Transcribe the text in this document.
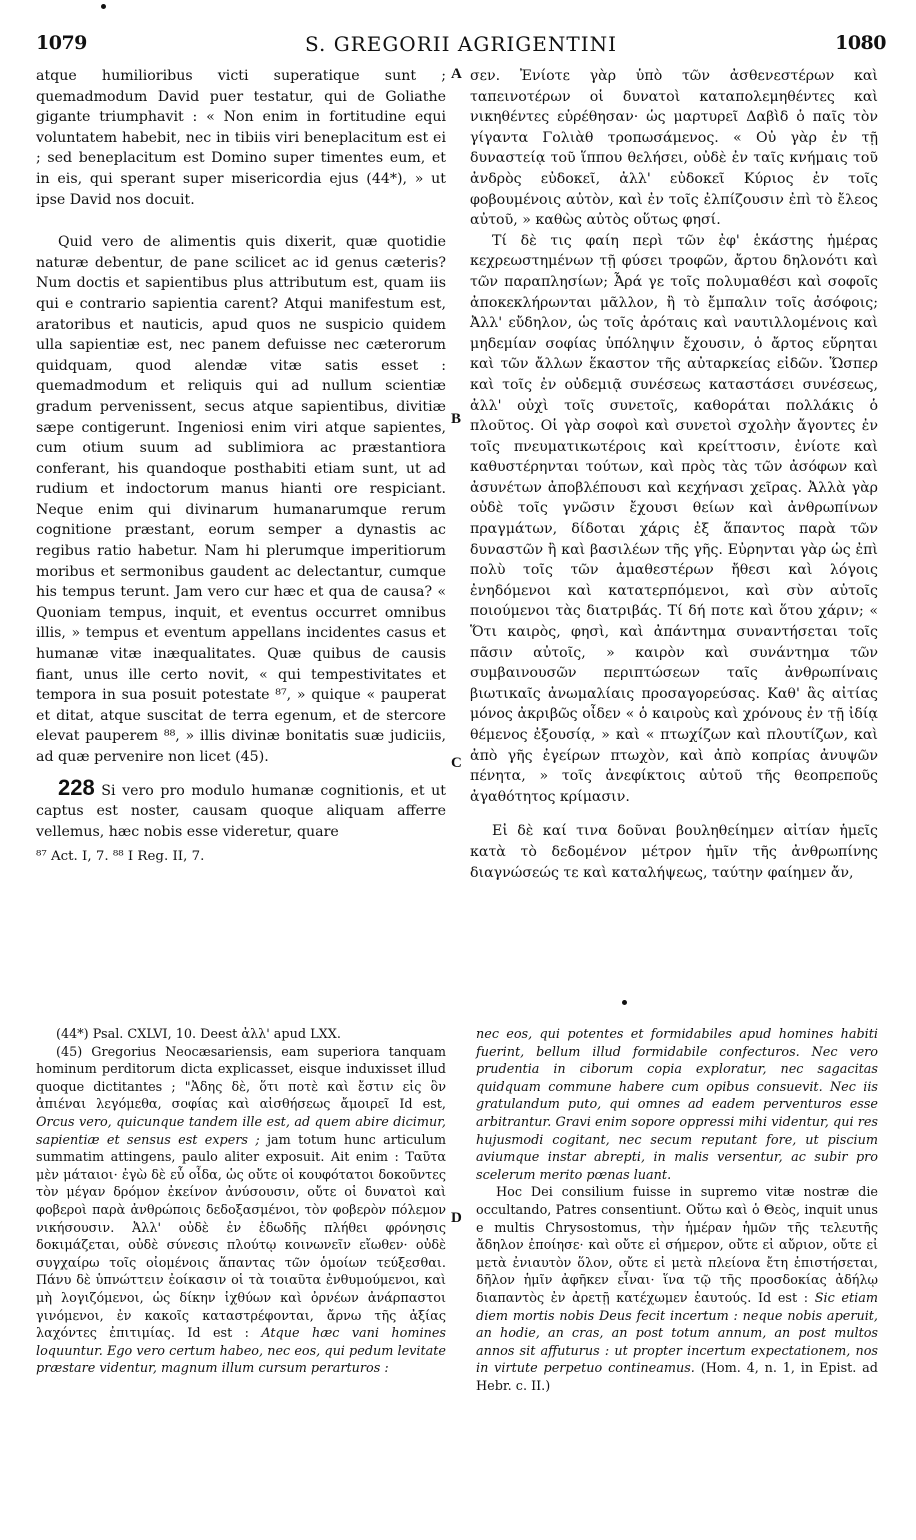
1079	S. GREGORII AGRIGENTINI	1080

atque humilioribus victi superatique sunt ; quemadmodum David puer testatur, qui de Goliathe gigante triumphavit : « Non enim in fortitudine equi voluntatem habebit, nec in tibiis viri beneplacitum est ei ; sed beneplacitum est Domino super timentes eum, et in eis, qui sperant super misericordia ejus (44*), » ut ipse David nos docuit.

Quid vero de alimentis quis dixerit, quæ quotidie naturæ debentur, de pane scilicet ac id genus cæteris? Num doctis et sapientibus plus attributum est, quam iis qui e contrario sapientia carent? Atqui manifestum est, aratoribus et nauticis, apud quos ne suspicio quidem ulla sapientiæ est, nec panem defuisse nec cæterorum quidquam, quod alendæ vitæ satis esset : quemadmodum et reliquis qui ad nullum scientiæ gradum pervenissent, secus atque sapientibus, divitiæ sæpe contigerunt. Ingeniosi enim viri atque sapientes, cum otium suum ad sublimiora ac præstantiora conferant, his quandoque posthabiti etiam sunt, ut ad rudium et indoctorum manus hianti ore respiciant. Neque enim qui divinarum humanarumque rerum cognitione præstant, eorum semper a dynastis ac regibus ratio habetur. Nam hi plerumque imperitiorum moribus et sermonibus gaudent ac delectantur, cumque his tempus terunt. Jam vero cur hæc et qua de causa? « Quoniam tempus, inquit, et eventus occurret omnibus illis, » tempus et eventum appellans incidentes casus et humanæ vitæ inæqualitates. Quæ quibus de causis fiant, unus ille certo novit, « qui tempestivitates et tempora in sua posuit potestate ⁸⁷, » quique « pauperat et ditat, atque suscitat de terra egenum, et de stercore elevat pauperem ⁸⁸, » illis divinæ bonitatis suæ judiciis, ad quæ pervenire non licet (45).

228 Si vero pro modulo humanæ cognitionis, et ut captus est noster, causam quoque aliquam afferre vellemus, hæc nobis esse videretur, quare

⁸⁷ Act. I, 7. ⁸⁸ I Reg. II, 7.

σεν. Ἐνίοτε γὰρ ὑπὸ τῶν ἀσθενεστέρων καὶ ταπεινοτέρων οἱ δυνατοὶ καταπολεμηθέντες καὶ νικηθέντες εὑρέθησαν· ὡς μαρτυρεῖ Δαβὶδ ὁ παῖς τὸν γίγαντα Γολιὰθ τροπωσάμενος. « Οὐ γὰρ ἐν τῇ δυναστείᾳ τοῦ ἵππου θελήσει, οὐδὲ ἐν ταῖς κνήμαις τοῦ ἀνδρὸς εὐδοκεῖ, ἀλλ' εὐδοκεῖ Κύριος ἐν τοῖς φοβουμένοις αὐτὸν, καὶ ἐν τοῖς ἐλπίζουσιν ἐπὶ τὸ ἔλεος αὐτοῦ, » καθὼς αὐτὸς οὕτως φησί.

Τί δὲ τις φαίη περὶ τῶν ἐφ' ἑκάστης ἡμέρας κεχρεωστημένων τῇ φύσει τροφῶν, ἄρτου δηλονότι καὶ τῶν παραπλησίων; Ἆρά γε τοῖς πολυμαθέσι καὶ σοφοῖς ἀποκεκλήρωνται μᾶλλον, ἢ τὸ ἔμπαλιν τοῖς ἀσόφοις; Ἀλλ' εὔδηλον, ὡς τοῖς ἀρόταις καὶ ναυτιλλομένοις καὶ μηδεμίαν σοφίας ὑπόληψιν ἔχουσιν, ὁ ἄρτος εὕρηται καὶ τῶν ἄλλων ἕκαστον τῆς αὐταρκείας εἰδῶν. Ὥσπερ καὶ τοῖς ἐν οὐδεμιᾷ συνέσεως καταστάσει συνέσεως, ἀλλ' οὐχὶ τοῖς συνετοῖς, καθοράται πολλάκις ὁ πλοῦτος. Οἱ γὰρ σοφοὶ καὶ συνετοὶ σχολὴν ἄγοντες ἐν τοῖς πνευματικωτέροις καὶ κρείττοσιν, ἐνίοτε καὶ καθυστέρηνται τούτων, καὶ πρὸς τὰς τῶν ἀσόφων καὶ ἀσυνέτων ἀποβλέπουσι καὶ κεχήνασι χεῖρας. Ἀλλὰ γὰρ οὐδὲ τοῖς γνῶσιν ἔχουσι θείων καὶ ἀνθρωπίνων πραγμάτων, δίδοται χάρις ἐξ ἅπαντος παρὰ τῶν δυναστῶν ἢ καὶ βασιλέων τῆς γῆς. Εὐρηνται γὰρ ὡς ἐπὶ πολὺ τοῖς τῶν ἀμαθεστέρων ἤθεσι καὶ λόγοις ἐνηδόμενοι καὶ κατατερπόμενοι, καὶ σὺν αὐτοῖς ποιούμενοι τὰς διατριβάς. Τί δή ποτε καὶ ὅτου χάριν; « Ὅτι καιρὸς, φησὶ, καὶ ἀπάντημα συναντήσεται τοῖς πᾶσιν αὐτοῖς, » καιρὸν καὶ συνάντημα τῶν συμβαινουσῶν περιπτώσεων ταῖς ἀνθρωπίναις βιωτικαῖς ἀνωμαλίαις προσαγορεύσας. Καθ' ἃς αἰτίας μόνος ἀκριβῶς οἶδεν « ὁ καιροὺς καὶ χρόνους ἐν τῇ ἰδίᾳ θέμενος ἐξουσίᾳ, » καὶ « πτωχίζων καὶ πλουτίζων, καὶ ἀπὸ γῆς ἐγείρων πτωχὸν, καὶ ἀπὸ κοπρίας ἀνυψῶν πένητα, » τοῖς ἀνεφίκτοις αὐτοῦ τῆς θεοπρεποῦς ἀγαθότητος κρίμασιν.

Εἰ δὲ καί τινα δοῦναι βουληθείημεν αἰτίαν ἡμεῖς κατὰ τὸ δεδομένον μέτρον ἡμῖν τῆς ἀνθρωπίνης διαγνώσεώς τε καὶ καταλήψεως, ταύτην φαίημεν ἄν,

A
B
C
D

(44*) Psal. CXLVI, 10. Deest ἀλλ' apud LXX.

(45) Gregorius Neocæsariensis, eam superiora tanquam hominum perditorum dicta explicasset, eisque induxisset illud quoque dictitantes ; "Ἀδης δὲ, ὅτι ποτὲ καὶ ἔστιν εἰς ὃν ἀπιέναι λεγόμεθα, σοφίας καὶ αἰσθήσεως ἄμοιρεῖ Id est, Orcus vero, quicunque tandem ille est, ad quem abire dicimur, sapientiæ et sensus est expers ; jam totum hunc articulum summatim attingens, paulo aliter exposuit. Ait enim : Ταῦτα μὲν μάταιοι· ἐγὼ δὲ εὖ οἶδα, ὡς οὔτε οἱ κουφότατοι δοκοῦντες τὸν μέγαν δρόμον ἐκείνον ἀνύσουσιν, οὔτε οἱ δυνατοὶ καὶ φοβεροὶ παρὰ ἀνθρώποις δεδοξασμένοι, τὸν φοβερὸν πόλεμον νικήσουσιν. Ἀλλ' οὐδὲ ἐν ἐδωδῆς πλήθει φρόνησις δοκιμάζεται, οὐδὲ σύνεσις πλούτῳ κοινωνεῖν εἴωθεν· οὐδὲ συγχαίρω τοῖς οἰομένοις ἅπαντας τῶν ὁμοίων τεύξεσθαι. Πάνυ δὲ ὑπνώττειν ἐοίκασιν οἱ τὰ τοιαῦτα ἐνθυμούμενοι, καὶ μὴ λογιζόμενοι, ὡς δίκην ἰχθύων καὶ ὀρνέων ἀνάρπαστοι γινόμενοι, ἐν κακοῖς καταστρέφονται, ἄρνω τῆς ἀξίας λαχόντες ἐπιτιμίας. Id est : Atque hæc vani homines loquuntur. Ego vero certum habeo, nec eos, qui pedum levitate præstare videntur, magnum illum cursum perarturos :

nec eos, qui potentes et formidabiles apud homines habiti fuerint, bellum illud formidabile confecturos. Nec vero prudentia in ciborum copia exploratur, nec sagacitas quidquam commune habere cum opibus consuevit. Nec iis gratulandum puto, qui omnes ad eadem perventuros esse arbitrantur. Gravi enim sopore oppressi mihi videntur, qui res hujusmodi cogitant, nec secum reputant fore, ut piscium aviumque instar abrepti, in malis versentur, ac subir pro scelerum merito pœnas luant.

Hoc Dei consilium fuisse in supremo vitæ nostræ die occultando, Patres consentiunt. Οὕτω καὶ ὁ Θεὸς, inquit unus e multis Chrysostomus, τὴν ἡμέραν ἡμῶν τῆς τελευτῆς ἄδηλον ἐποίησε· καὶ οὔτε εἰ σήμερον, οὔτε εἰ αὔριον, οὔτε εἰ μετὰ ἐνιαυτὸν ὅλον, οὔτε εἰ μετὰ πλείονα ἔτη ἐπιστήσεται, δῆλον ἡμῖν ἀφῆκεν εἶναι· ἵνα τῷ τῆς προσδοκίας ἀδήλῳ διαπαντὸς ἐν ἀρετῇ κατέχωμεν ἑαυτούς. Id est : Sic etiam diem mortis nobis Deus fecit incertum : neque nobis aperuit, an hodie, an cras, an post totum annum, an post multos annos sit affuturus : ut propter incertum expectationem, nos in virtute perpetuo contineamus. (Hom. 4, n. 1, in Epist. ad Hebr. c. II.)
